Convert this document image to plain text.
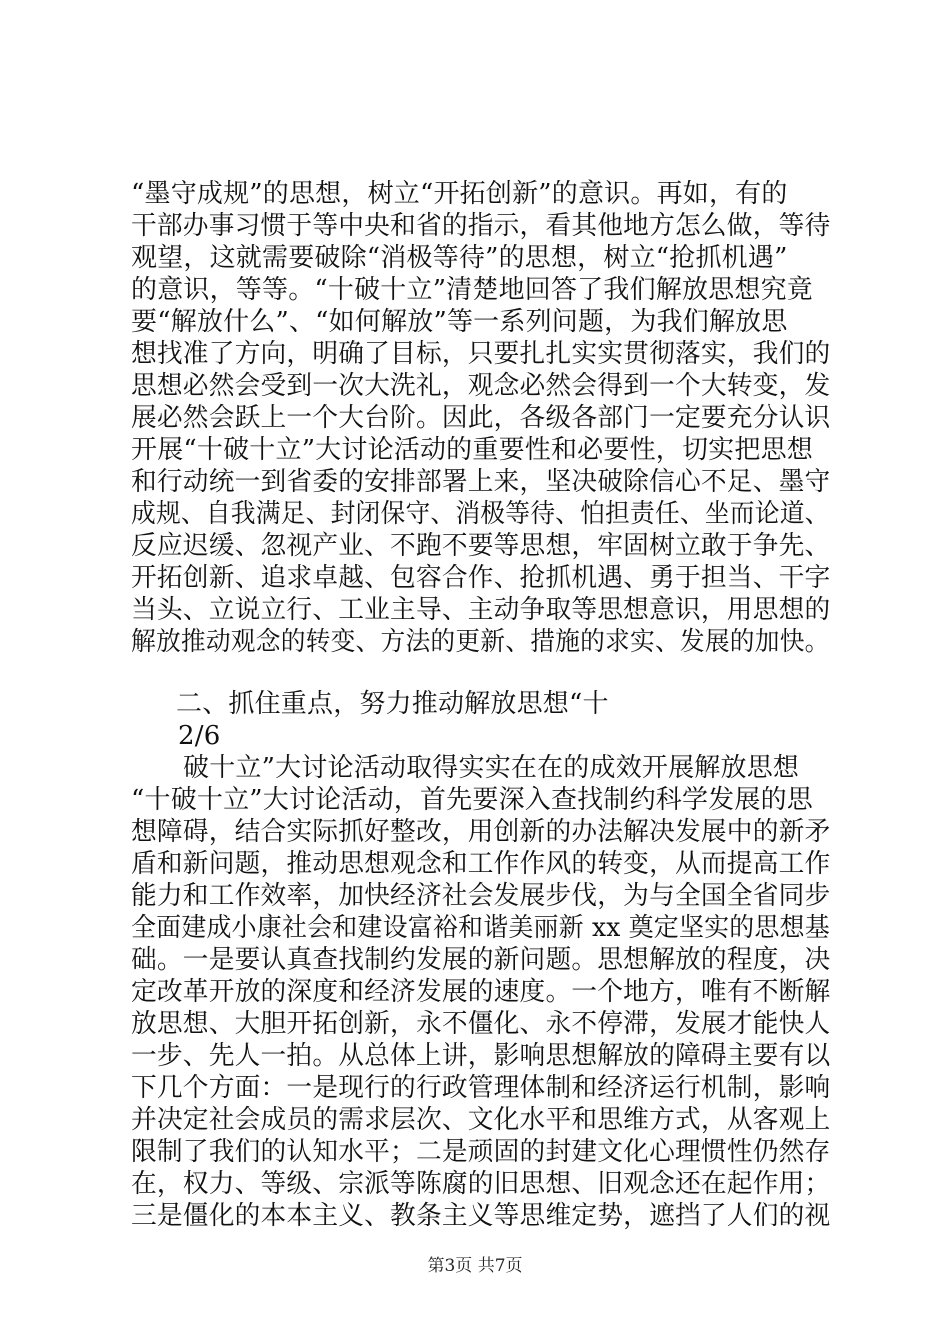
“墨守成规”的思想，树立“开拓创新”的意识。再如，有的
干部办事习惯于等中央和省的指示，看其他地方怎么做，等待
观望，这就需要破除“消极等待”的思想，树立“抢抓机遇”
的意识，等等。“十破十立”清楚地回答了我们解放思想究竟
要“解放什么”、“如何解放”等一系列问题，为我们解放思
想找准了方向，明确了目标，只要扎扎实实贯彻落实，我们的
思想必然会受到一次大洗礼，观念必然会得到一个大转变，发
展必然会跃上一个大台阶。因此，各级各部门一定要充分认识
开展“十破十立”大讨论活动的重要性和必要性，切实把思想
和行动统一到省委的安排部署上来，坚决破除信心不足、墨守
成规、自我满足、封闭保守、消极等待、怕担责任、坐而论道、
反应迟缓、忽视产业、不跑不要等思想，牢固树立敢于争先、
开拓创新、追求卓越、包容合作、抢抓机遇、勇于担当、干字
当头、立说立行、工业主导、主动争取等思想意识，用思想的
解放推动观念的转变、方法的更新、措施的求实、发展的加快。
二、抓住重点，努力推动解放思想“十
2/6
破十立”大讨论活动取得实实在在的成效开展解放思想
“十破十立”大讨论活动，首先要深入查找制约科学发展的思
想障碍，结合实际抓好整改，用创新的办法解决发展中的新矛
盾和新问题，推动思想观念和工作作风的转变，从而提高工作
能力和工作效率，加快经济社会发展步伐，为与全国全省同步
全面建成小康社会和建设富裕和谐美丽新 xx 奠定坚实的思想基
础。一是要认真查找制约发展的新问题。思想解放的程度，决
定改革开放的深度和经济发展的速度。一个地方，唯有不断解
放思想、大胆开拓创新，永不僵化、永不停滞，发展才能快人
一步、先人一拍。从总体上讲，影响思想解放的障碍主要有以
下几个方面：一是现行的行政管理体制和经济运行机制，影响
并决定社会成员的需求层次、文化水平和思维方式，从客观上
限制了我们的认知水平；二是顽固的封建文化心理惯性仍然存
在，权力、等级、宗派等陈腐的旧思想、旧观念还在起作用；
三是僵化的本本主义、教条主义等思维定势，遮挡了人们的视
第3页 共7页
